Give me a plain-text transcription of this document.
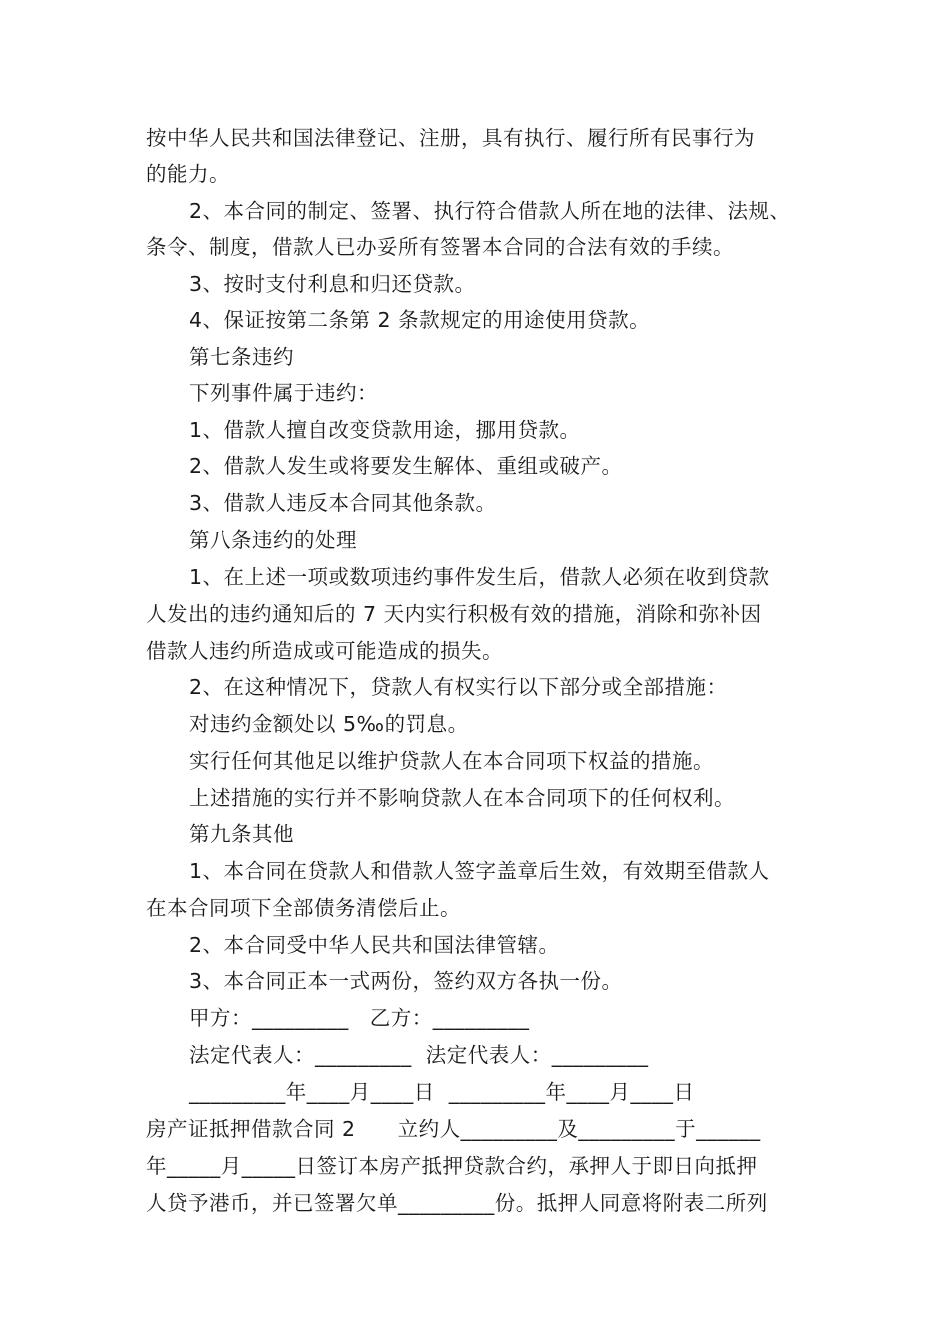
按中华人民共和国法律登记、注册，具有执行、履行所有民事行为
的能力。
2、本合同的制定、签署、执行符合借款人所在地的法律、法规、
条令、制度，借款人已办妥所有签署本合同的合法有效的手续。
3、按时支付利息和归还贷款。
4、保证按第二条第 2 条款规定的用途使用贷款。
第七条违约
下列事件属于违约：
1、借款人擅自改变贷款用途，挪用贷款。
2、借款人发生或将要发生解体、重组或破产。
3、借款人违反本合同其他条款。
第八条违约的处理
1、在上述一项或数项违约事件发生后，借款人必须在收到贷款
人发出的违约通知后的 7 天内实行积极有效的措施，消除和弥补因
借款人违约所造成或可能造成的损失。
2、在这种情况下，贷款人有权实行以下部分或全部措施：
对违约金额处以 5‰的罚息。
实行任何其他足以维护贷款人在本合同项下权益的措施。
上述措施的实行并不影响贷款人在本合同项下的任何权利。
第九条其他
1、本合同在贷款人和借款人签字盖章后生效，有效期至借款人
在本合同项下全部债务清偿后止。
2、本合同受中华人民共和国法律管辖。
3、本合同正本一式两份，签约双方各执一份。
甲方：_________   乙方：_________
法定代表人：_________  法定代表人：_________
_________年____月____日  _________年____月____日
房产证抵押借款合同 2      立约人_________及_________于______
年_____月_____日签订本房产抵押贷款合约，承押人于即日向抵押
人贷予港币，并已签署欠单_________份。抵押人同意将附表二所列
